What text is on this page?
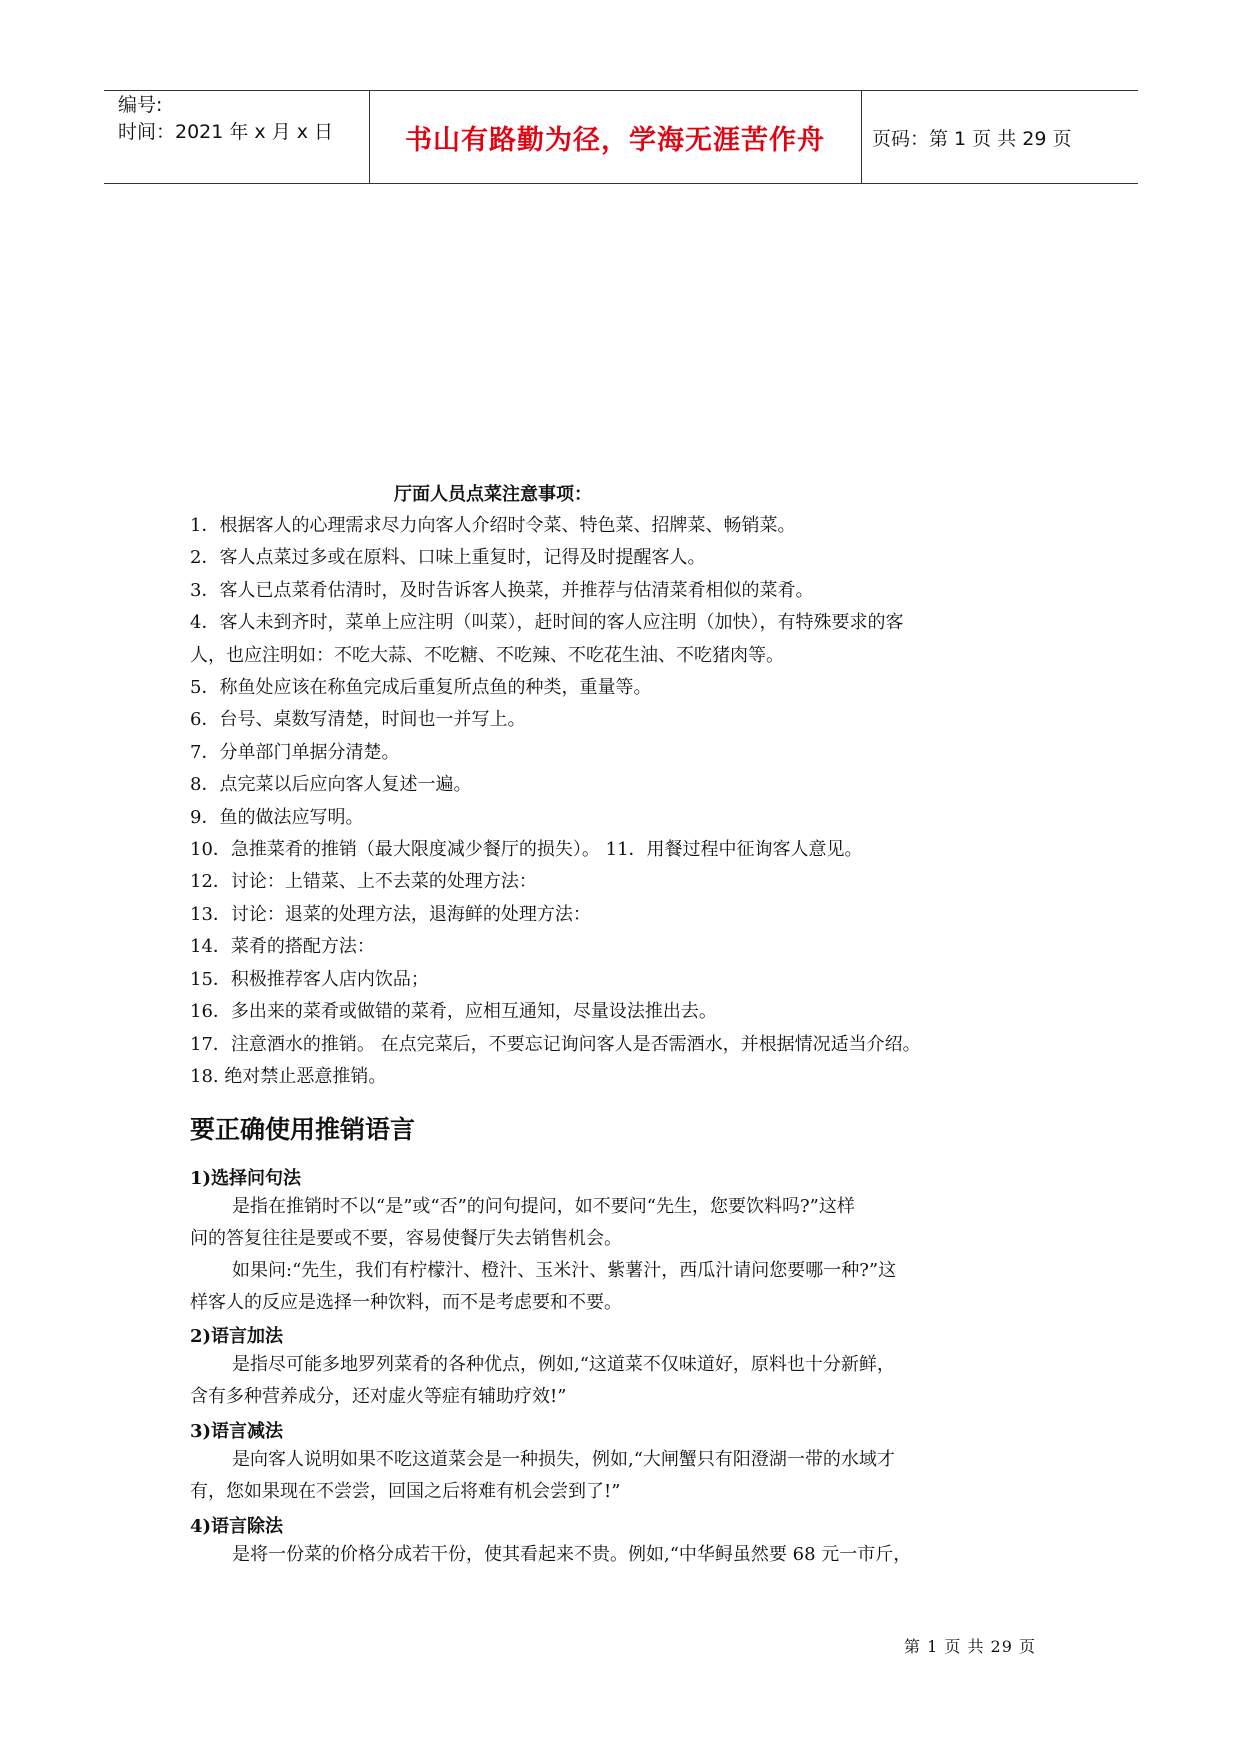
编号:
时间：2021 年 x 月 x 日	书山有路勤为径，学海无涯苦作舟	页码：第 1 页 共 29 页
厅面人员点菜注意事项：
1．根据客人的心理需求尽力向客人介绍时令菜、特色菜、招牌菜、畅销菜。
2．客人点菜过多或在原料、口味上重复时，记得及时提醒客人。
3．客人已点菜肴估清时，及时告诉客人换菜，并推荐与估清菜肴相似的菜肴。
4．客人未到齐时，菜单上应注明（叫菜），赶时间的客人应注明（加快），有特殊要求的客
人，也应注明如：不吃大蒜、不吃糖、不吃辣、不吃花生油、不吃猪肉等。
5．称鱼处应该在称鱼完成后重复所点鱼的种类，重量等。
6．台号、桌数写清楚，时间也一并写上。
7．分单部门单据分清楚。
8．点完菜以后应向客人复述一遍。
9．鱼的做法应写明。
10．急推菜肴的推销（最大限度减少餐厅的损失）。 11．用餐过程中征询客人意见。
12．讨论：上错菜、上不去菜的处理方法：
13．讨论：退菜的处理方法，退海鲜的处理方法：
14．菜肴的搭配方法：
15．积极推荐客人店内饮品；
16．多出来的菜肴或做错的菜肴，应相互通知，尽量设法推出去。
17．注意酒水的推销。 在点完菜后，不要忘记询问客人是否需酒水，并根据情况适当介绍。
18. 绝对禁止恶意推销。
要正确使用推销语言
1)选择问句法
是指在推销时不以“是”或“否”的问句提问，如不要问“先生，您要饮料吗?”这样
问的答复往往是要或不要，容易使餐厅失去销售机会。
如果问:“先生，我们有柠檬汁、橙汁、玉米汁、紫薯汁，西瓜汁请问您要哪一种?”这
样客人的反应是选择一种饮料，而不是考虑要和不要。
2)语言加法
是指尽可能多地罗列菜肴的各种优点，例如,“这道菜不仅味道好，原料也十分新鲜，
含有多种营养成分，还对虚火等症有辅助疗效!”
3)语言减法
是向客人说明如果不吃这道菜会是一种损失，例如,“大闸蟹只有阳澄湖一带的水域才
有，您如果现在不尝尝，回国之后将难有机会尝到了!”
4)语言除法
是将一份菜的价格分成若干份，使其看起来不贵。例如,“中华鲟虽然要 68 元一市斤，
第 1 页 共 29 页
